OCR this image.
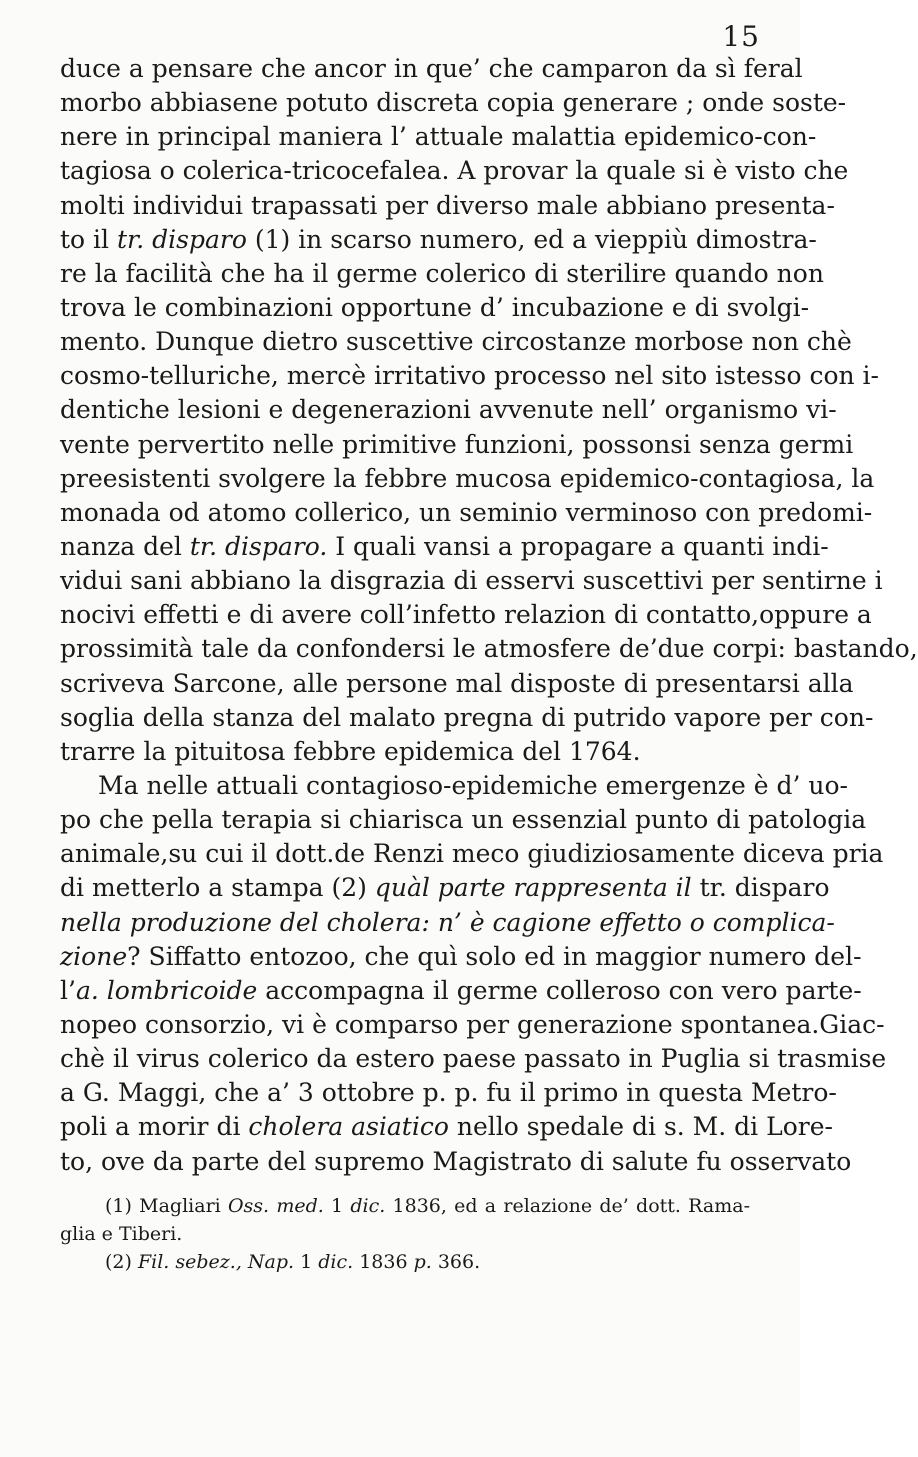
15
duce a pensare che ancor in que’ che camparon da sì feral
morbo abbiasene potuto discreta copia generare ; onde soste-
nere in principal maniera l’ attuale malattia epidemico-con-
tagiosa o colerica-tricocefalea. A provar la quale si è visto che
molti individui trapassati per diverso male abbiano presenta-
to il tr. disparo (1) in scarso numero, ed a vieppiù dimostra-
re la facilità che ha il germe colerico di sterilire quando non
trova le combinazioni opportune d’ incubazione e di svolgi-
mento. Dunque dietro suscettive circostanze morbose non chè
cosmo-telluriche, mercè irritativo processo nel sito istesso con i-
dentiche lesioni e degenerazioni avvenute nell’ organismo vi-
vente pervertito nelle primitive funzioni, possonsi senza germi
preesistenti svolgere la febbre mucosa epidemico-contagiosa, la
monada od atomo collerico, un seminio verminoso con predomi-
nanza del tr. disparo. I quali vansi a propagare a quanti indi-
vidui sani abbiano la disgrazia di esservi suscettivi per sentirne i
nocivi effetti e di avere coll’infetto relazion di contatto,oppure a
prossimità tale da confondersi le atmosfere de’due corpi: bastando,
scriveva Sarcone, alle persone mal disposte di presentarsi alla
soglia della stanza del malato pregna di putrido vapore per con-
trarre la pituitosa febbre epidemica del 1764.
Ma nelle attuali contagioso-epidemiche emergenze è d’ uo-
po che pella terapia si chiarisca un essenzial punto di patologia
animale,su cui il dott.de Renzi meco giudiziosamente diceva pria
di metterlo a stampa (2) quàl parte rappresenta il tr. disparo
nella produzione del cholera: n’ è cagione effetto o complica-
zione? Siffatto entozoo, che quì solo ed in maggior numero del-
l’a. lombricoide accompagna il germe colleroso con vero parte-
nopeo consorzio, vi è comparso per generazione spontanea.Giac-
chè il virus colerico da estero paese passato in Puglia si trasmise
a G. Maggi, che a’ 3 ottobre p. p. fu il primo in questa Metro-
poli a morir di cholera asiatico nello spedale di s. M. di Lore-
to, ove da parte del supremo Magistrato di salute fu osservato
(1) Magliari Oss. med. 1 dic. 1836, ed a relazione de’ dott. Rama-
glia e Tiberi.
(2) Fil. sebez., Nap. 1 dic. 1836 p. 366.
